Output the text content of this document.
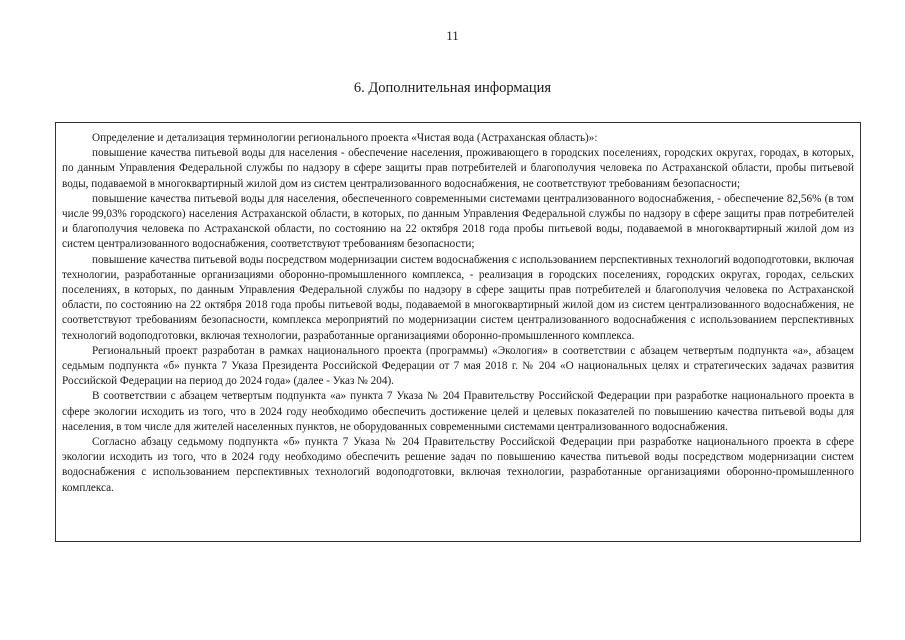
11
6. Дополнительная информация

Определение и детализация терминологии регионального проекта «Чистая вода (Астраханская область)»:

повышение качества питьевой воды для населения - обеспечение населения, проживающего в городских поселениях, городских округах, городах, в которых, по данным Управления Федеральной службы по надзору в сфере защиты прав потребителей и благополучия человека по Астраханской области, пробы питьевой воды, подаваемой в многоквартирный жилой дом из систем централизованного водоснабжения, не соответствуют требованиям безопасности;

повышение качества питьевой воды для населения, обеспеченного современными системами централизованного водоснабжения, - обеспечение 82,56% (в том числе 99,03% городского) населения Астраханской области, в которых, по данным Управления Федеральной службы по надзору в сфере защиты прав потребителей и благополучия человека по Астраханской области, по состоянию на 22 октября 2018 года пробы питьевой воды, подаваемой в многоквартирный жилой дом из систем централизованного водоснабжения, соответствуют требованиям безопасности;

повышение качества питьевой воды посредством модернизации систем водоснабжения с использованием перспективных технологий водоподготовки, включая технологии, разработанные организациями оборонно-промышленного комплекса, - реализация в городских поселениях, городских округах, городах, сельских поселениях, в которых, по данным Управления Федеральной службы по надзору в сфере защиты прав потребителей и благополучия человека по Астраханской области, по состоянию на 22 октября 2018 года пробы питьевой воды, подаваемой в многоквартирный жилой дом из систем централизованного водоснабжения, не соответствуют требованиям безопасности, комплекса мероприятий по модернизации систем централизованного водоснабжения с использованием перспективных технологий водоподготовки, включая технологии, разработанные организациями оборонно-промышленного комплекса.

Региональный проект разработан в рамках национального проекта (программы) «Экология» в соответствии с абзацем четвертым подпункта «а», абзацем седьмым подпункта «б» пункта 7 Указа Президента Российской Федерации от 7 мая 2018 г. № 204 «О национальных целях и стратегических задачах развития Российской Федерации на период до 2024 года» (далее - Указ № 204).

В соответствии с абзацем четвертым подпункта «а» пункта 7 Указа № 204 Правительству Российской Федерации при разработке национального проекта в сфере экологии исходить из того, что в 2024 году необходимо обеспечить достижение целей и целевых показателей по повышению качества питьевой воды для населения, в том числе для жителей населенных пунктов, не оборудованных современными системами централизованного водоснабжения.

Согласно абзацу седьмому подпункта «б» пункта 7 Указа № 204 Правительству Российской Федерации при разработке национального проекта в сфере экологии исходить из того, что в 2024 году необходимо обеспечить решение задач по повышению качества питьевой воды посредством модернизации систем водоснабжения с использованием перспективных технологий водоподготовки, включая технологии, разработанные организациями оборонно-промышленного комплекса.
